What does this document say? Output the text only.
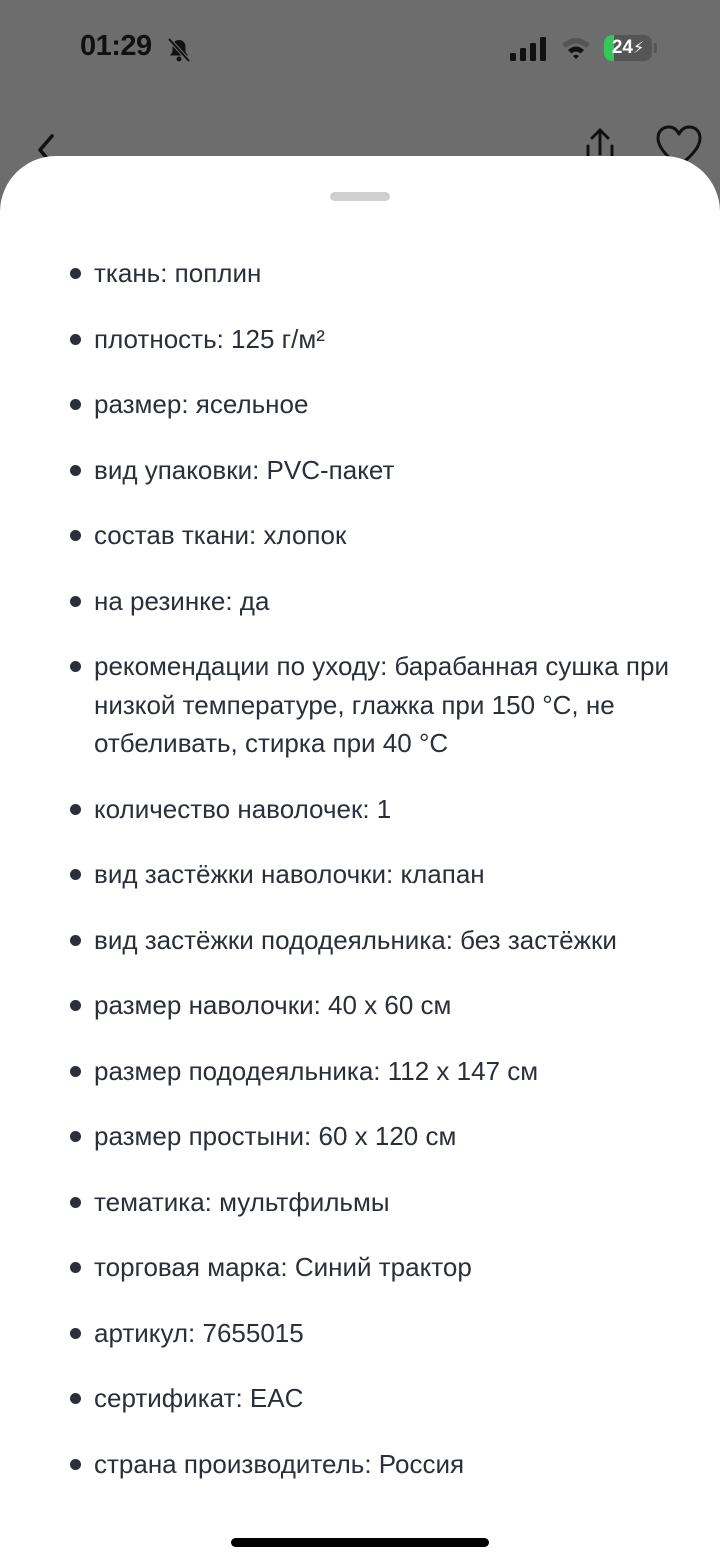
01:29	24 ⚡
ткань: поплин
плотность: 125 г/м²
размер: ясельное
вид упаковки: PVC-пакет
состав ткани: хлопок
на резинке: да
рекомендации по уходу: барабанная сушка при низкой температуре, глажка при 150 °C, не отбеливать, стирка при 40 °C
количество наволочек: 1
вид застёжки наволочки: клапан
вид застёжки пододеяльника: без застёжки
размер наволочки: 40 х 60 см
размер пододеяльника: 112 х 147 см
размер простыни: 60 х 120 см
тематика: мультфильмы
торговая марка: Синий трактор
артикул: 7655015
сертификат: EAC
страна производитель: Россия
